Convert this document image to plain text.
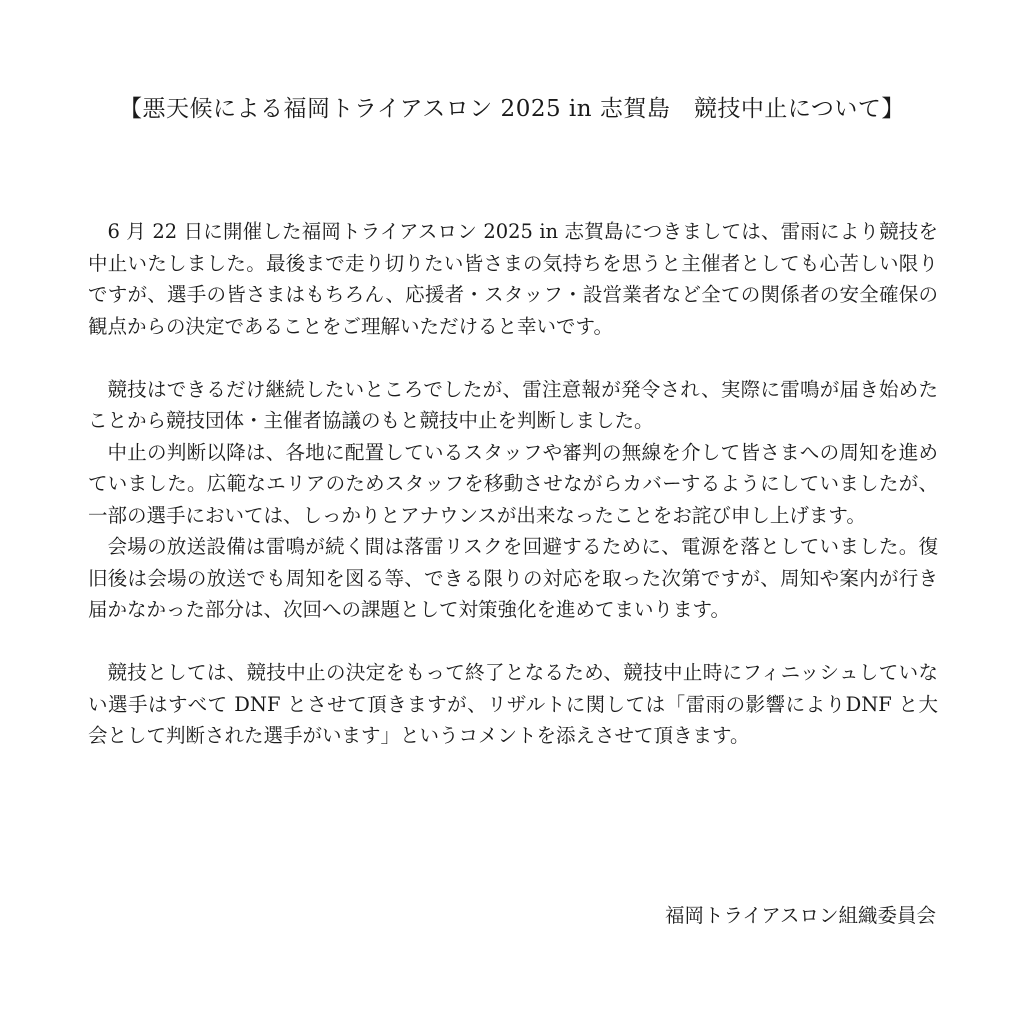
【悪天候による福岡トライアスロン 2025 in 志賀島　競技中止について】

6 月 22 日に開催した福岡トライアスロン 2025 in 志賀島につきましては、雷雨により競技を 中止いたしました。最後まで走り切りたい皆さまの気持ちを思うと主催者としても心苦しい限りですが、選手の皆さまはもちろん、応援者・スタッフ・設営業者など全ての関係者の安全確保の観点からの決定であることをご理解いただけると幸いです。

競技はできるだけ継続したいところでしたが、雷注意報が発令され、実際に雷鳴が届き始めたことから競技団体・主催者協議のもと競技中止を判断しました。

中止の判断以降は、各地に配置しているスタッフや審判の無線を介して皆さまへの周知を進めていました。広範なエリアのためスタッフを移動させながらカバーするようにしていましたが、一部の選手においては、しっかりとアナウンスが出来なったことをお詫び申し上げます。

会場の放送設備は雷鳴が続く間は落雷リスクを回避するために、電源を落としていました。復旧後は会場の放送でも周知を図る等、できる限りの対応を取った次第ですが、周知や案内が行き届かなかった部分は、次回への課題として対策強化を進めてまいります。

競技としては、競技中止の決定をもって終了となるため、競技中止時にフィニッシュしていない選手はすべて DNF とさせて頂きますが、リザルトに関しては「雷雨の影響によりDNF と大会として判断された選手がいます」というコメントを添えさせて頂きます。

福岡トライアスロン組織委員会
